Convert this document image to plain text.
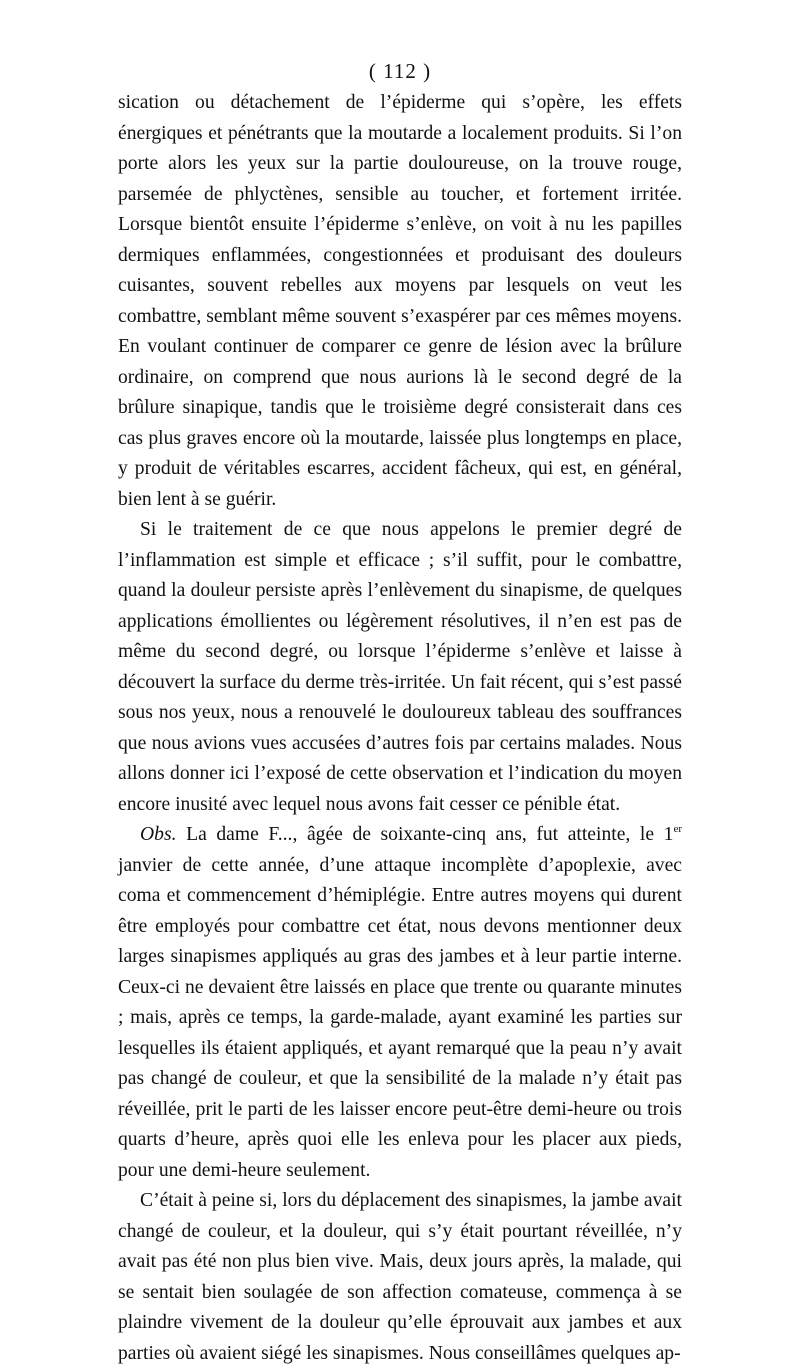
( 112 )

sication ou détachement de l’épiderme qui s’opère, les effets énergiques et pénétrants que la moutarde a localement produits. Si l’on porte alors les yeux sur la partie douloureuse, on la trouve rouge, parsemée de phlyctènes, sensible au toucher, et fortement irritée. Lorsque bientôt ensuite l’épiderme s’enlève, on voit à nu les papilles dermiques enflammées, congestionnées et produisant des douleurs cuisantes, souvent rebelles aux moyens par lesquels on veut les combattre, semblant même souvent s’exaspérer par ces mêmes moyens. En voulant continuer de comparer ce genre de lésion avec la brûlure ordinaire, on comprend que nous aurions là le second degré de la brûlure sinapique, tandis que le troisième degré consisterait dans ces cas plus graves encore où la moutarde, laissée plus longtemps en place, y produit de véritables escarres, accident fâcheux, qui est, en général, bien lent à se guérir.

Si le traitement de ce que nous appelons le premier degré de l’inflammation est simple et efficace ; s’il suffit, pour le combattre, quand la douleur persiste après l’enlèvement du sinapisme, de quelques applications émollientes ou légèrement résolutives, il n’en est pas de même du second degré, ou lorsque l’épiderme s’enlève et laisse à découvert la surface du derme très-irritée. Un fait récent, qui s’est passé sous nos yeux, nous a renouvelé le douloureux tableau des souffrances que nous avions vues accusées d’autres fois par certains malades. Nous allons donner ici l’exposé de cette observation et l’indication du moyen encore inusité avec lequel nous avons fait cesser ce pénible état.

Obs. La dame F..., âgée de soixante-cinq ans, fut atteinte, le 1er janvier de cette année, d’une attaque incomplète d’apoplexie, avec coma et commencement d’hémiplégie. Entre autres moyens qui durent être employés pour combattre cet état, nous devons mentionner deux larges sinapismes appliqués au gras des jambes et à leur partie interne. Ceux-ci ne devaient être laissés en place que trente ou quarante minutes ; mais, après ce temps, la garde-malade, ayant examiné les parties sur lesquelles ils étaient appliqués, et ayant remarqué que la peau n’y avait pas changé de couleur, et que la sensibilité de la malade n’y était pas réveillée, prit le parti de les laisser encore peut-être demi-heure ou trois quarts d’heure, après quoi elle les enleva pour les placer aux pieds, pour une demi-heure seulement.

C’était à peine si, lors du déplacement des sinapismes, la jambe avait changé de couleur, et la douleur, qui s’y était pourtant réveillée, n’y avait pas été non plus bien vive. Mais, deux jours après, la malade, qui se sentait bien soulagée de son affection comateuse, commença à se plaindre vivement de la douleur qu’elle éprouvait aux jambes et aux parties où avaient siégé les sinapismes. Nous conseillâmes quelques ap-
